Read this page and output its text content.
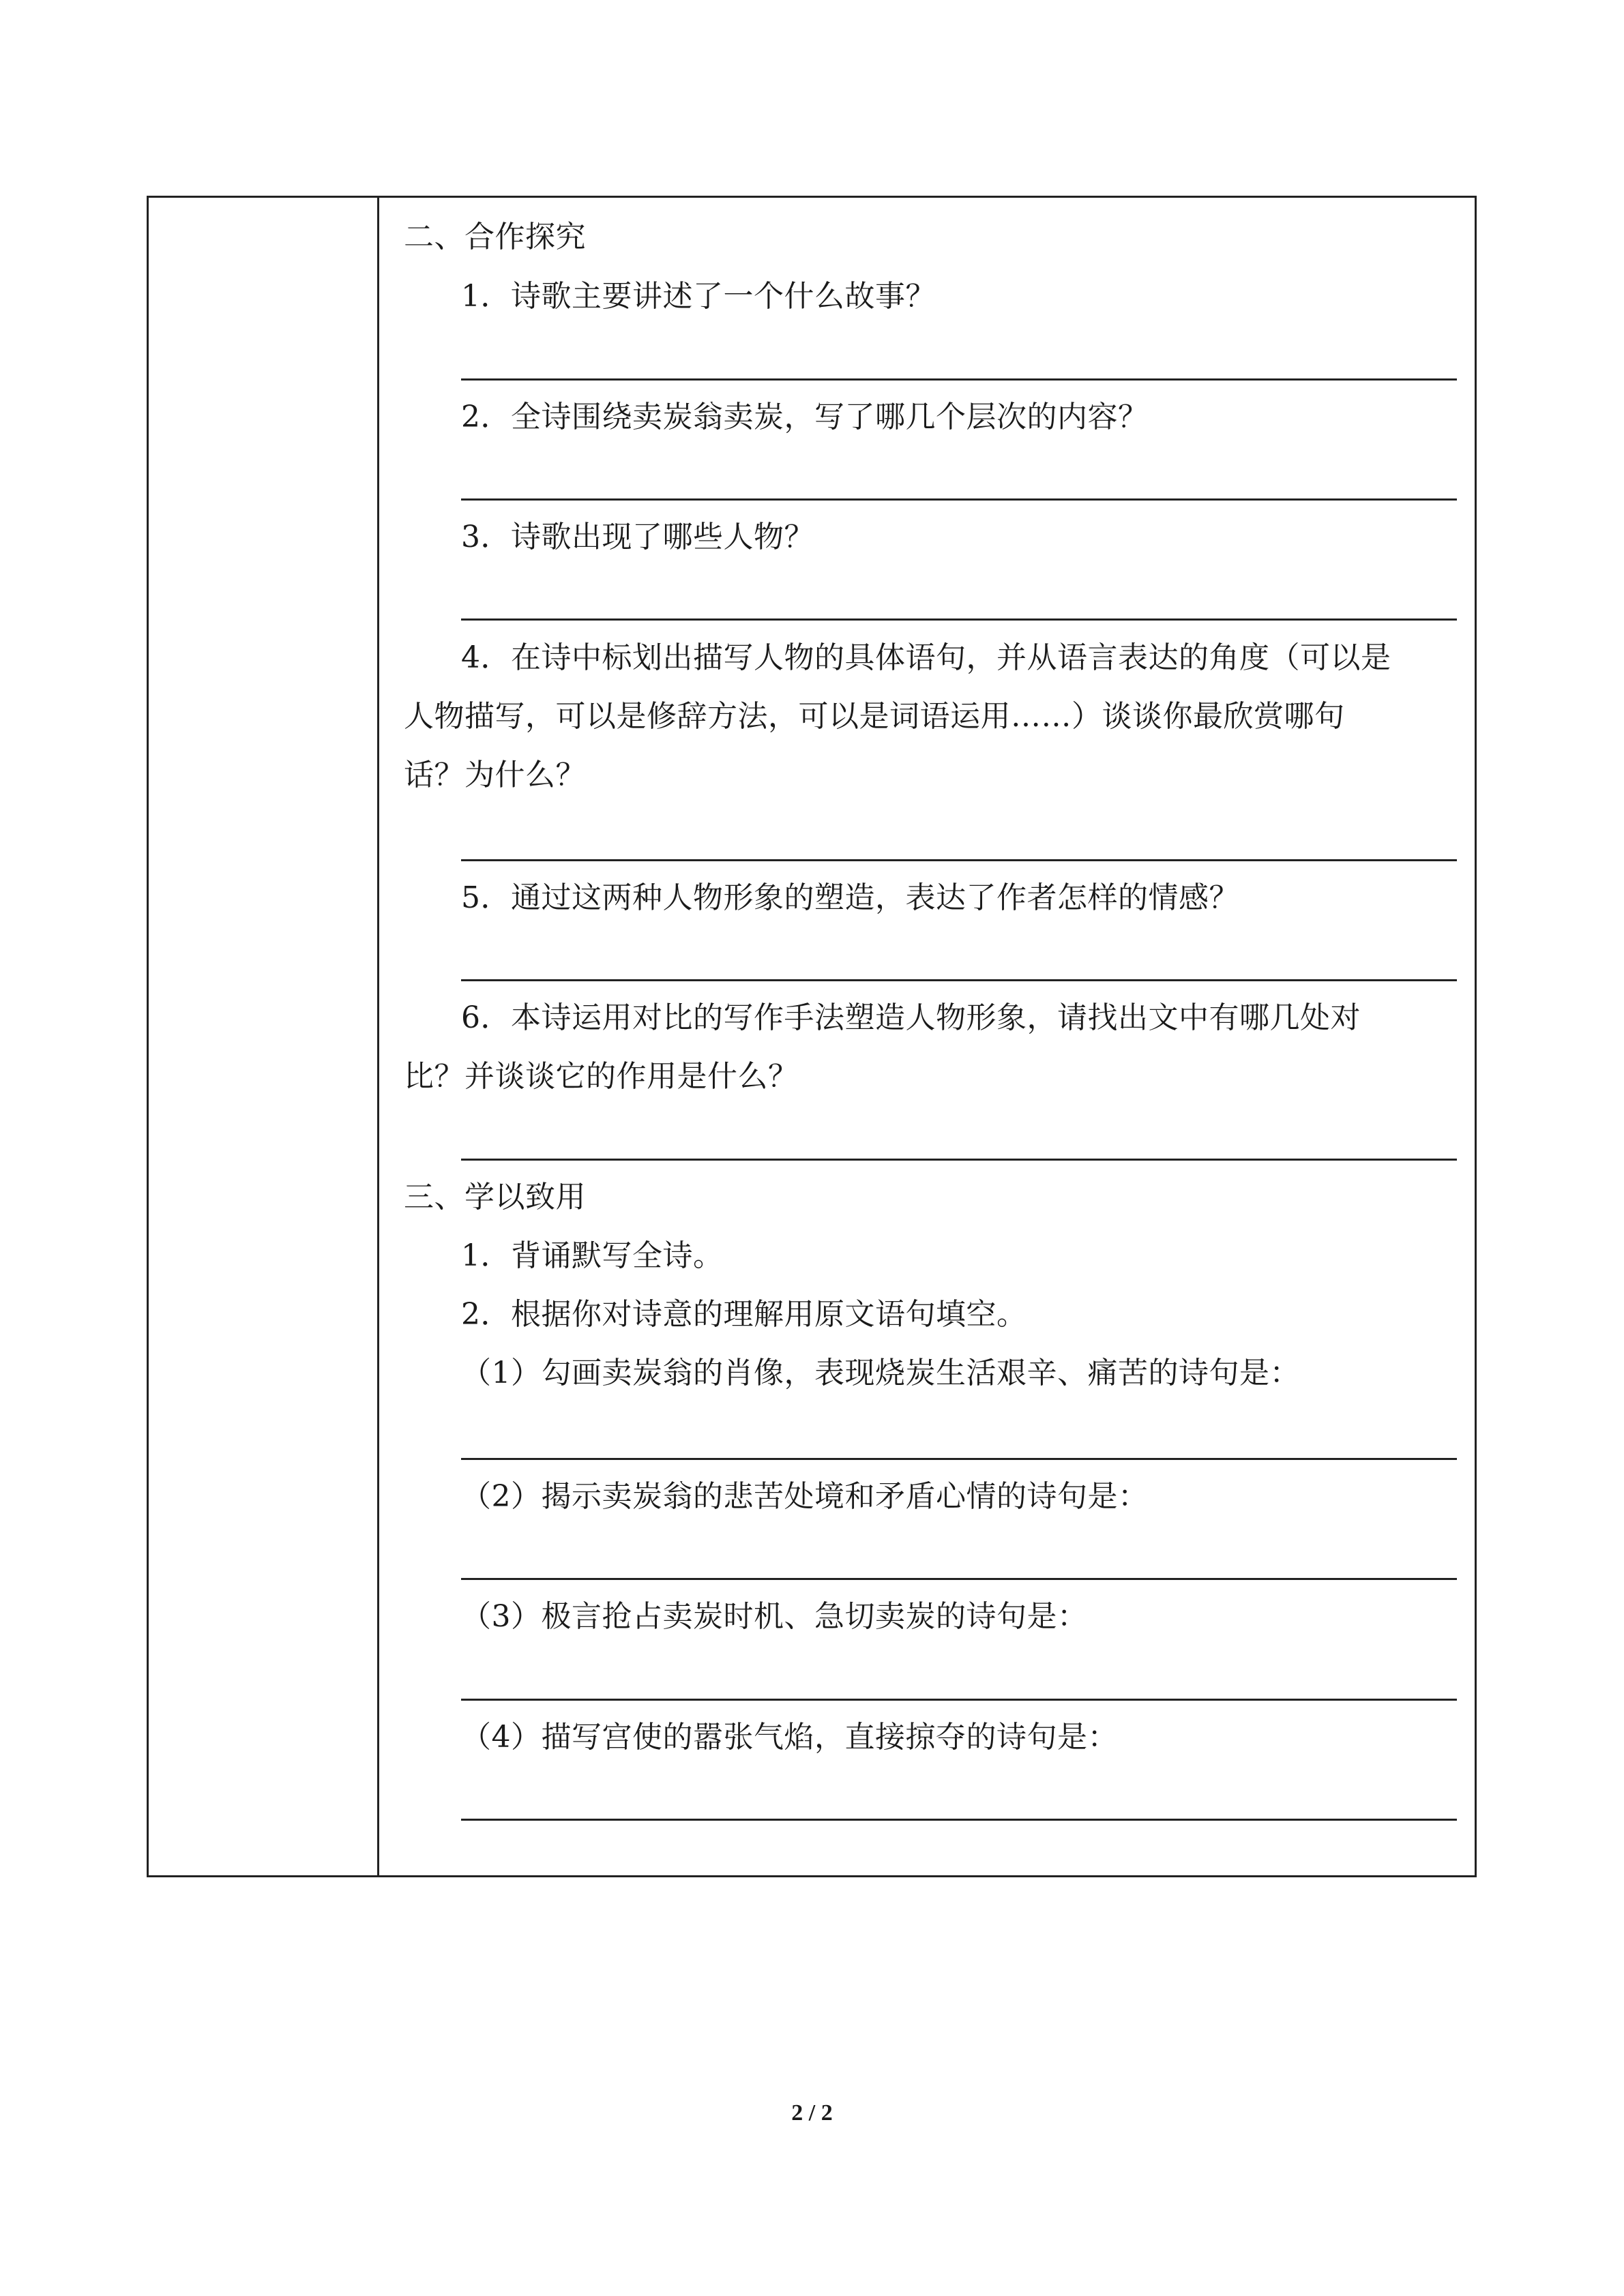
二、合作探究
1．诗歌主要讲述了一个什么故事？
2．全诗围绕卖炭翁卖炭，写了哪几个层次的内容？
3．诗歌出现了哪些人物？
4．在诗中标划出描写人物的具体语句，并从语言表达的角度（可以是
人物描写，可以是修辞方法，可以是词语运用……）谈谈你最欣赏哪句
话？为什么？
5．通过这两种人物形象的塑造，表达了作者怎样的情感？
6．本诗运用对比的写作手法塑造人物形象，请找出文中有哪几处对
比？并谈谈它的作用是什么？
三、学以致用
1．背诵默写全诗。
2．根据你对诗意的理解用原文语句填空。
（1）勾画卖炭翁的肖像，表现烧炭生活艰辛、痛苦的诗句是：
（2）揭示卖炭翁的悲苦处境和矛盾心情的诗句是：
（3）极言抢占卖炭时机、急切卖炭的诗句是：
（4）描写宫使的嚣张气焰，直接掠夺的诗句是：
2 / 2
